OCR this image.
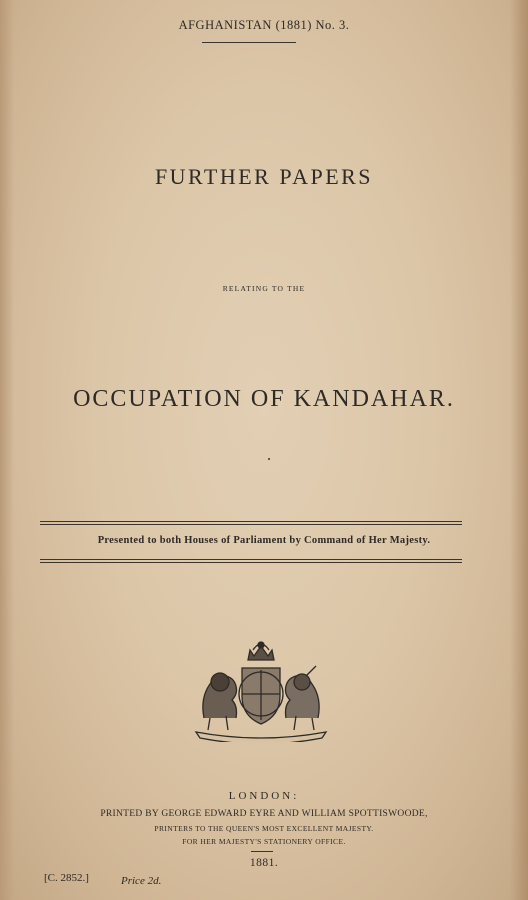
AFGHANISTAN (1881) No. 3.
FURTHER PAPERS
RELATING TO THE
OCCUPATION OF KANDAHAR.
Presented to both Houses of Parliament by Command of Her Majesty.
LONDON:
PRINTED BY GEORGE EDWARD EYRE AND WILLIAM SPOTTISWOODE,
PRINTERS TO THE QUEEN'S MOST EXCELLENT MAJESTY.
FOR HER MAJESTY'S STATIONERY OFFICE.
1881.
[C. 2852.]	Price 2d.
